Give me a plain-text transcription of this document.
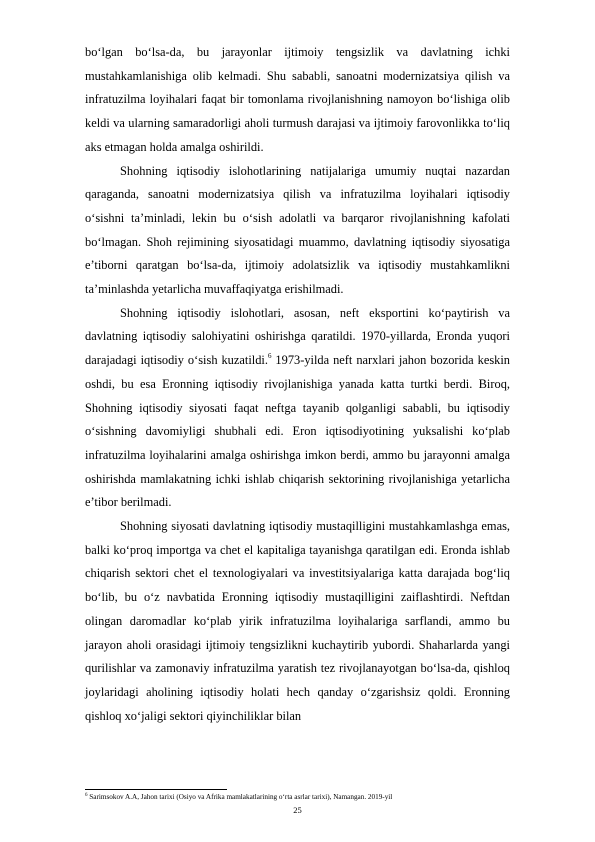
bo‘lgan bo‘lsa-da, bu jarayonlar ijtimoiy tengsizlik va davlatning ichki mustahkamlanishiga olib kelmadi. Shu sababli, sanoatni modernizatsiya qilish va infratuzilma loyihalari faqat bir tomonlama rivojlanishning namoyon bo‘lishiga olib keldi va ularning samaradorligi aholi turmush darajasi va ijtimoiy farovonlikka to‘liq aks etmagan holda amalga oshirildi.

Shohning iqtisodiy islohotlarining natijalariga umumiy nuqtai nazardan qaraganda, sanoatni modernizatsiya qilish va infratuzilma loyihalari iqtisodiy o‘sishni ta’minladi, lekin bu o‘sish adolatli va barqaror rivojlanishning kafolati bo‘lmagan. Shoh rejimining siyosatidagi muammo, davlatning iqtisodiy siyosatiga e’tiborni qaratgan bo‘lsa-da, ijtimoiy adolatsizlik va iqtisodiy mustahkamlikni ta’minlashda yetarlicha muvaffaqiyatga erishilmadi.

Shohning iqtisodiy islohotlari, asosan, neft eksportini ko‘paytirish va davlatning iqtisodiy salohiyatini oshirishga qaratildi. 1970-yillarda, Eronda yuqori darajadagi iqtisodiy o‘sish kuzatildi.$^6$ 1973-yilda neft narxlari jahon bozorida keskin oshdi, bu esa Eronning iqtisodiy rivojlanishiga yanada katta turtki berdi. Biroq, Shohning iqtisodiy siyosati faqat neftga tayanib qolganligi sababli, bu iqtisodiy o‘sishning davomiyligi shubhali edi. Eron iqtisodiyotining yuksalishi ko‘plab infratuzilma loyihalarini amalga oshirishga imkon berdi, ammo bu jarayonni amalga oshirishda mamlakatning ichki ishlab chiqarish sektorining rivojlanishiga yetarlicha e’tibor berilmadi.

Shohning siyosati davlatning iqtisodiy mustaqilligini mustahkamlashga emas, balki ko‘proq importga va chet el kapitaliga tayanishga qaratilgan edi. Eronda ishlab chiqarish sektori chet el texnologiyalari va investitsiyalariga katta darajada bog‘liq bo‘lib, bu o‘z navbatida Eronning iqtisodiy mustaqilligini zaiflashtirdi. Neftdan olingan daromadlar ko‘plab yirik infratuzilma loyihalariga sarflandi, ammo bu jarayon aholi orasidagi ijtimoiy tengsizlikni kuchaytirib yubordi. Shaharlarda yangi qurilishlar va zamonaviy infratuzilma yaratish tez rivojlanayotgan bo‘lsa-da, qishloq joylaridagi aholining iqtisodiy holati hech qanday o‘zgarishsiz qoldi. Eronning qishloq xo‘jaligi sektori qiyinchiliklar bilan

$^6$ Sarimsokov A.A, Jahon tarixi (Osiyo va Afrika mamlakatlarining o‘rta asrlar tarixi), Namangan. 2019-yil
25
